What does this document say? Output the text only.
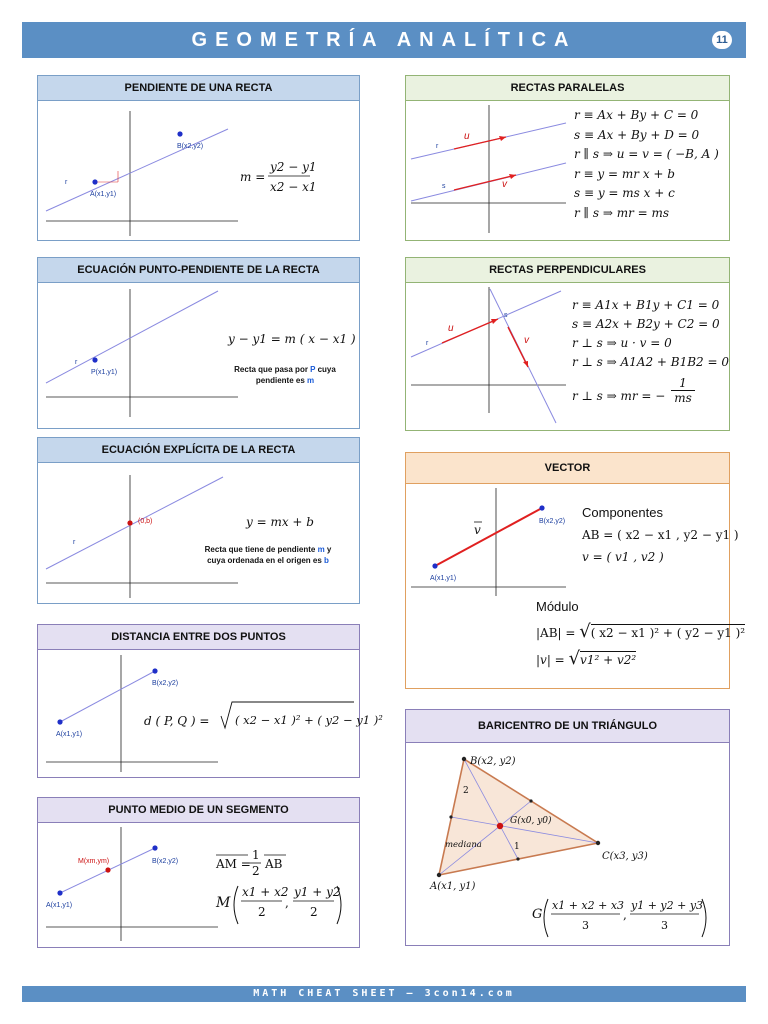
GEOMETRÍA ANALÍTICA	11
PENDIENTE DE UNA RECTA
A(x1,y1)
B(x2,y2)
r	m =
y2 − y1
x2 − x1
ECUACIÓN PUNTO-PENDIENTE DE LA RECTA
P(x1,y1)
r
y − y1 = m ( x − x1 )
Recta que pasa por P cuya
pendiente es m
ECUACIÓN EXPLÍCITA DE LA RECTA
(0,b)
r
y = mx + b
Recta que tiene de pendiente m y
cuya ordenada en el origen es b
DISTANCIA ENTRE DOS PUNTOS
A(x1,y1)
B(x2,y2)
d ( P, Q ) = ( x2 − x1 )² + ( y2 − y1 )²
PUNTO MEDIO DE UN SEGMENTO
A(x1,y1)
B(x2,y2)
M(xm,ym)	AM =
1
2 AB
M
x1 + x2
2
,
y1 + y2
2
RECTAS PARALELAS
u
v
r
s
r ≡ Ax + By + C = 0
s ≡ Ax + By + D = 0
r ∥ s ⇒ u = v = ( −B, A )
r ≡ y = mr x + b
s ≡ y = ms x + c
r ∥ s ⇒ mr = ms
RECTAS PERPENDICULARES
u
v
r
s
r ≡ A1x + B1y + C1 = 0
s ≡ A2x + B2y + C2 = 0
r ⊥ s ⇒ u · v = 0
r ⊥ s ⇒ A1A2 + B1B2 = 0
r ⊥ s ⇒ mr = − $\frac{1}{ms}$
VECTOR
A(x1,y1)
B(x2,y2)
v
Componentes
AB = ( x2 − x1 , y2 − y1 )
v = ( v1 , v2 )
Módulo
|AB| = √( x2 − x1 )² + ( y2 − y1 )²
|v| = √v1² + v2²
BARICENTRO DE UN TRIÁNGULO
B(x2, y2)
A(x1, y1)
C(x3, y3)
G(x0, y0)
mediana
2
1
G
x1 + x2 + x3
3
,
y1 + y2 + y3
3
MATH CHEAT SHEET – 3con14.com
